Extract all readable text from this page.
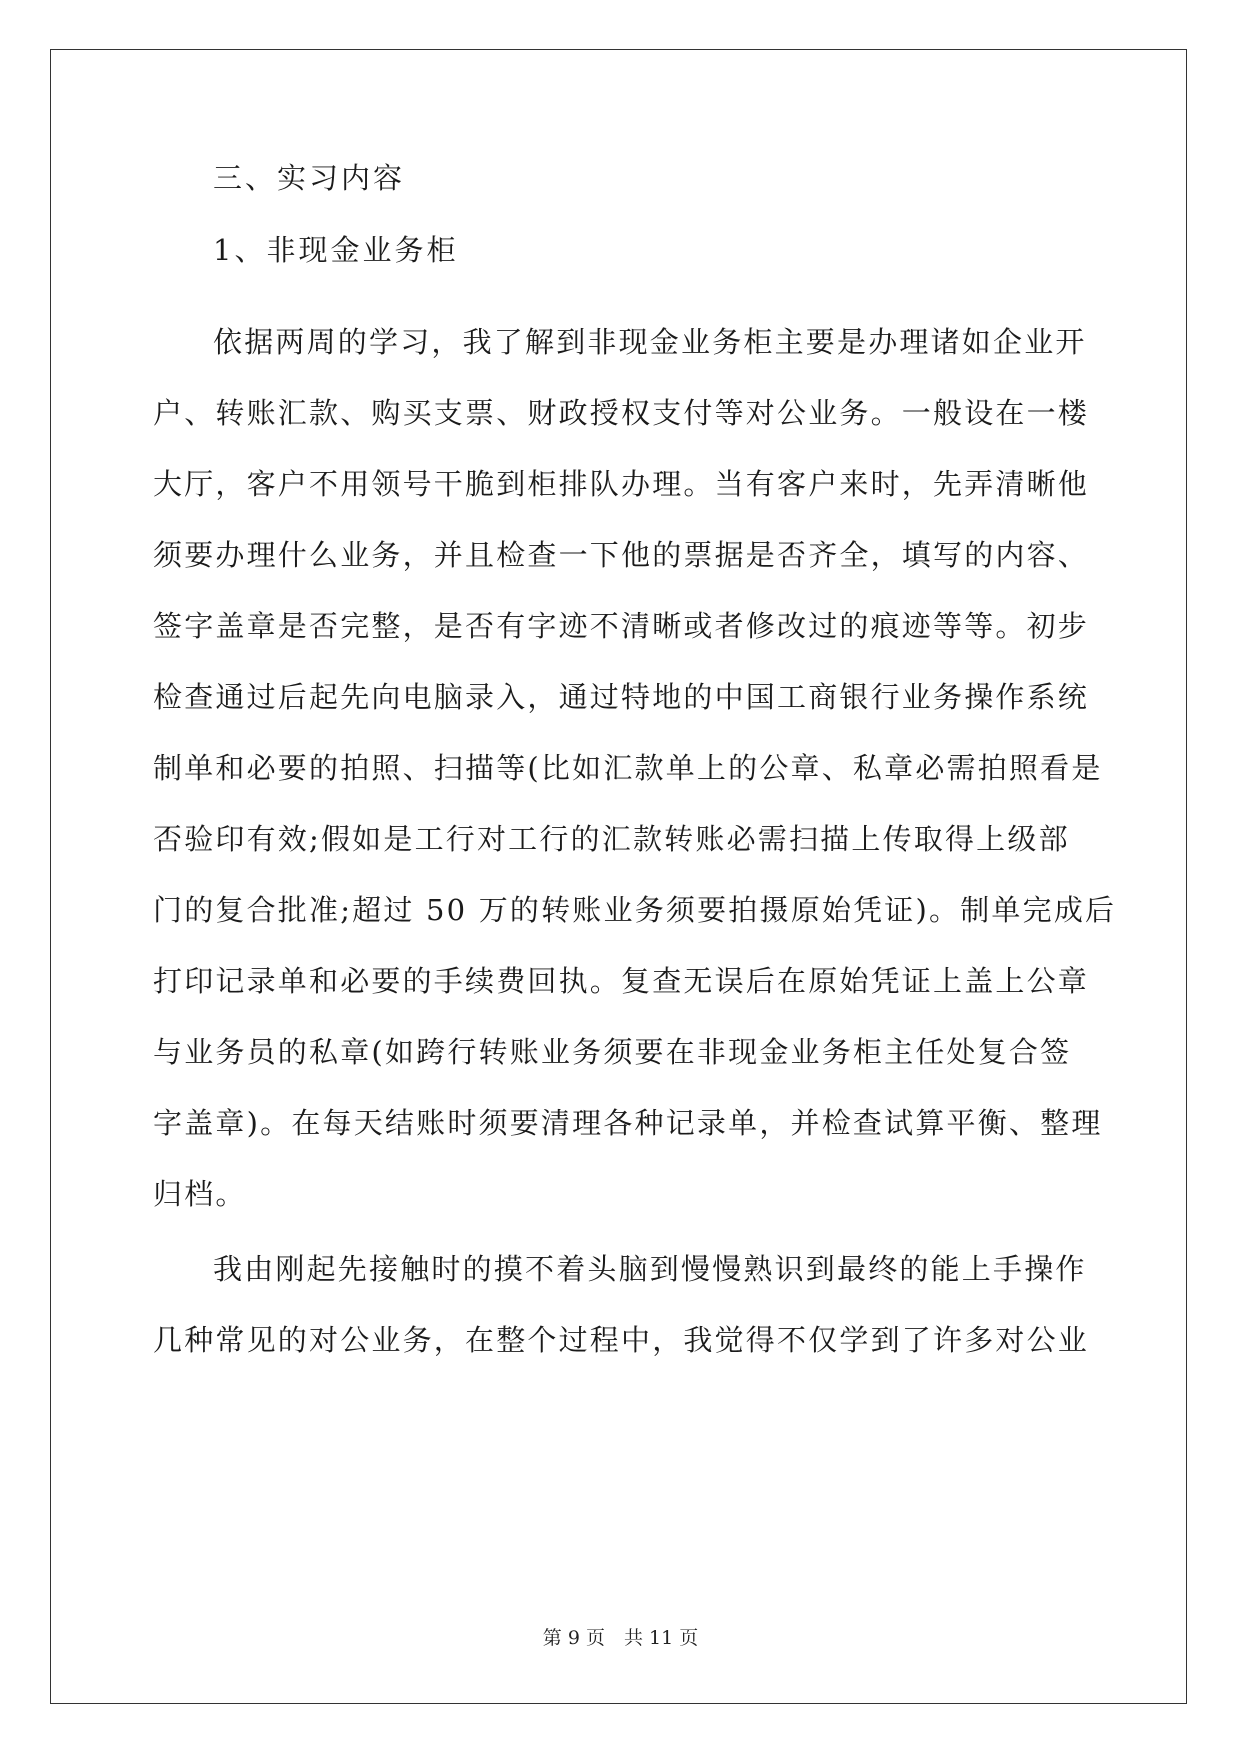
三、实习内容
1、非现金业务柜
依据两周的学习，我了解到非现金业务柜主要是办理诸如企业开
户、转账汇款、购买支票、财政授权支付等对公业务。一般设在一楼
大厅，客户不用领号干脆到柜排队办理。当有客户来时，先弄清晰他
须要办理什么业务，并且检查一下他的票据是否齐全，填写的内容、
签字盖章是否完整，是否有字迹不清晰或者修改过的痕迹等等。初步
检查通过后起先向电脑录入，通过特地的中国工商银行业务操作系统
制单和必要的拍照、扫描等(比如汇款单上的公章、私章必需拍照看是
否验印有效;假如是工行对工行的汇款转账必需扫描上传取得上级部
门的复合批准;超过 50 万的转账业务须要拍摄原始凭证)。制单完成后
打印记录单和必要的手续费回执。复查无误后在原始凭证上盖上公章
与业务员的私章(如跨行转账业务须要在非现金业务柜主任处复合签
字盖章)。在每天结账时须要清理各种记录单，并检查试算平衡、整理
归档。
我由刚起先接触时的摸不着头脑到慢慢熟识到最终的能上手操作
几种常见的对公业务，在整个过程中，我觉得不仅学到了许多对公业
第 9 页　共 11 页
